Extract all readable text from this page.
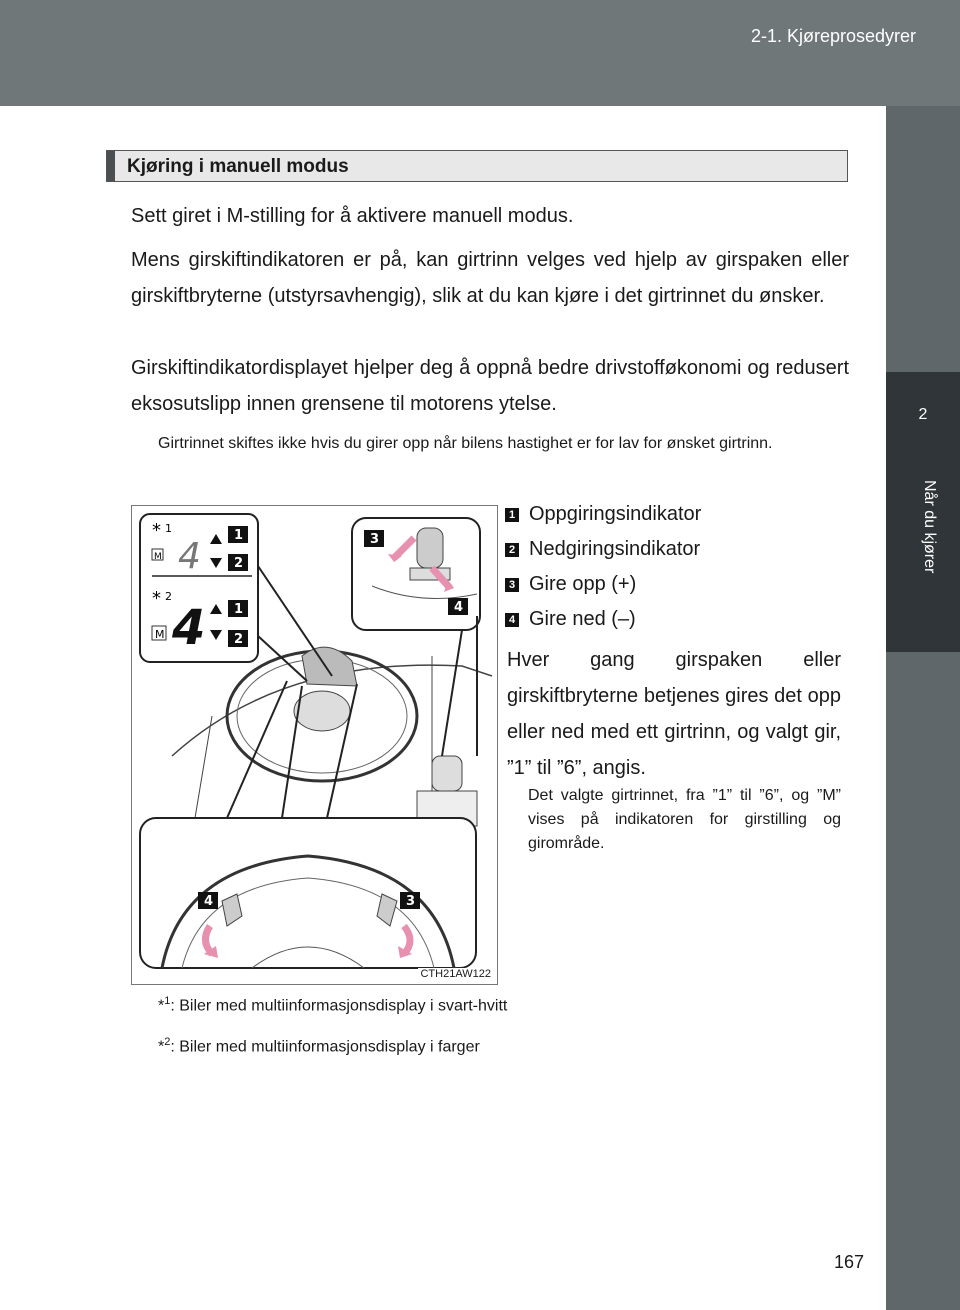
2-1. Kjøreprosedyrer
2
Når du kjører
Kjøring i manuell modus

Sett giret i M-stilling for å aktivere manuell modus.

Mens girskiftindikatoren er på, kan girtrinn velges ved hjelp av girspaken eller girskiftbryterne (utstyrsavhengig), slik at du kan kjøre i det girtrinnet du ønsker.

Girskiftindikatordisplayet hjelper deg å oppnå bedre drivstofføkonomi og redusert eksosutslipp innen grensene til motorens ytelse.

Girtrinnet skiftes ikke hvis du girer opp når bilens hastighet er for lav for ønsket girtrinn.

* 1
M 4
* 2
M 4
1
2
1
2
3
4
4	3
CTH21AW122
1 Oppgiringsindikator
2 Nedgiringsindikator
3 Gire opp (+)
4 Gire ned (–)

Hver gang girspaken eller girskiftbryterne betjenes gires det opp eller ned med ett girtrinn, og valgt gir, ”1” til ”6”, angis.

Det valgte girtrinnet, fra ”1” til ”6”, og ”M” vises på indikatoren for girstilling og girområde.

*$^1$: Biler med multiinformasjonsdisplay i svart-hvitt
*$^2$: Biler med multiinformasjonsdisplay i farger
167
